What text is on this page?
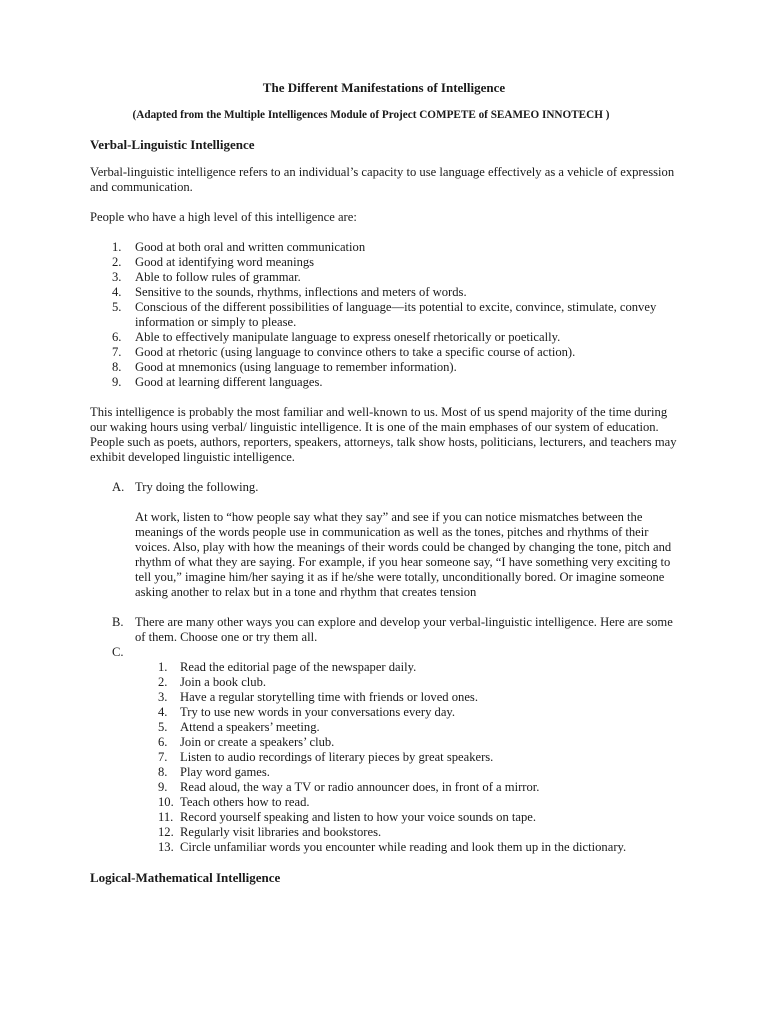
The Different Manifestations of Intelligence
(Adapted from the Multiple Intelligences Module of Project COMPETE of SEAMEO INNOTECH )
Verbal-Linguistic Intelligence

Verbal-linguistic intelligence refers to an individual’s capacity to use language effectively as a vehicle of expression and communication.

People who have a high level of this intelligence are:

1. Good at both oral and written communication
2. Good at identifying word meanings
3. Able to follow rules of grammar.
4. Sensitive to the sounds, rhythms, inflections and meters of words.
5. Conscious of the different possibilities of language—its potential to excite, convince, stimulate, convey information or simply to please.
6. Able to effectively manipulate language to express oneself rhetorically or poetically.
7. Good at rhetoric (using language to convince others to take a specific course of action).
8. Good at mnemonics (using language to remember information).
9. Good at learning different languages.

This intelligence is probably the most familiar and well-known to us. Most of us spend majority of the time during our waking hours using verbal/ linguistic intelligence. It is one of the main emphases of our system of education. People such as poets, authors, reporters, speakers, attorneys, talk show hosts, politicians, lecturers, and teachers may exhibit developed linguistic intelligence.

A. Try doing the following.
At work, listen to “how people say what they say” and see if you can notice mismatches between the meanings of the words people use in communication as well as the tones, pitches and rhythms of their voices. Also, play with how the meanings of their words could be changed by changing the tone, pitch and rhythm of what they are saying. For example, if you hear someone say, “I have something very exciting to tell you,” imagine him/her saying it as if he/she were totally, unconditionally bored. Or imagine someone asking another to relax but in a tone and rhythm that creates tension
B. There are many other ways you can explore and develop your verbal-linguistic intelligence. Here are some of them. Choose one or try them all.
C.
1. Read the editorial page of the newspaper daily.
2. Join a book club.
3. Have a regular storytelling time with friends or loved ones.
4. Try to use new words in your conversations every day.
5. Attend a speakers’ meeting.
6. Join or create a speakers’ club.
7. Listen to audio recordings of literary pieces by great speakers.
8. Play word games.
9. Read aloud, the way a TV or radio announcer does, in front of a mirror.
10. Teach others how to read.
11. Record yourself speaking and listen to how your voice sounds on tape.
12. Regularly visit libraries and bookstores.
13. Circle unfamiliar words you encounter while reading and look them up in the dictionary.
Logical-Mathematical Intelligence
